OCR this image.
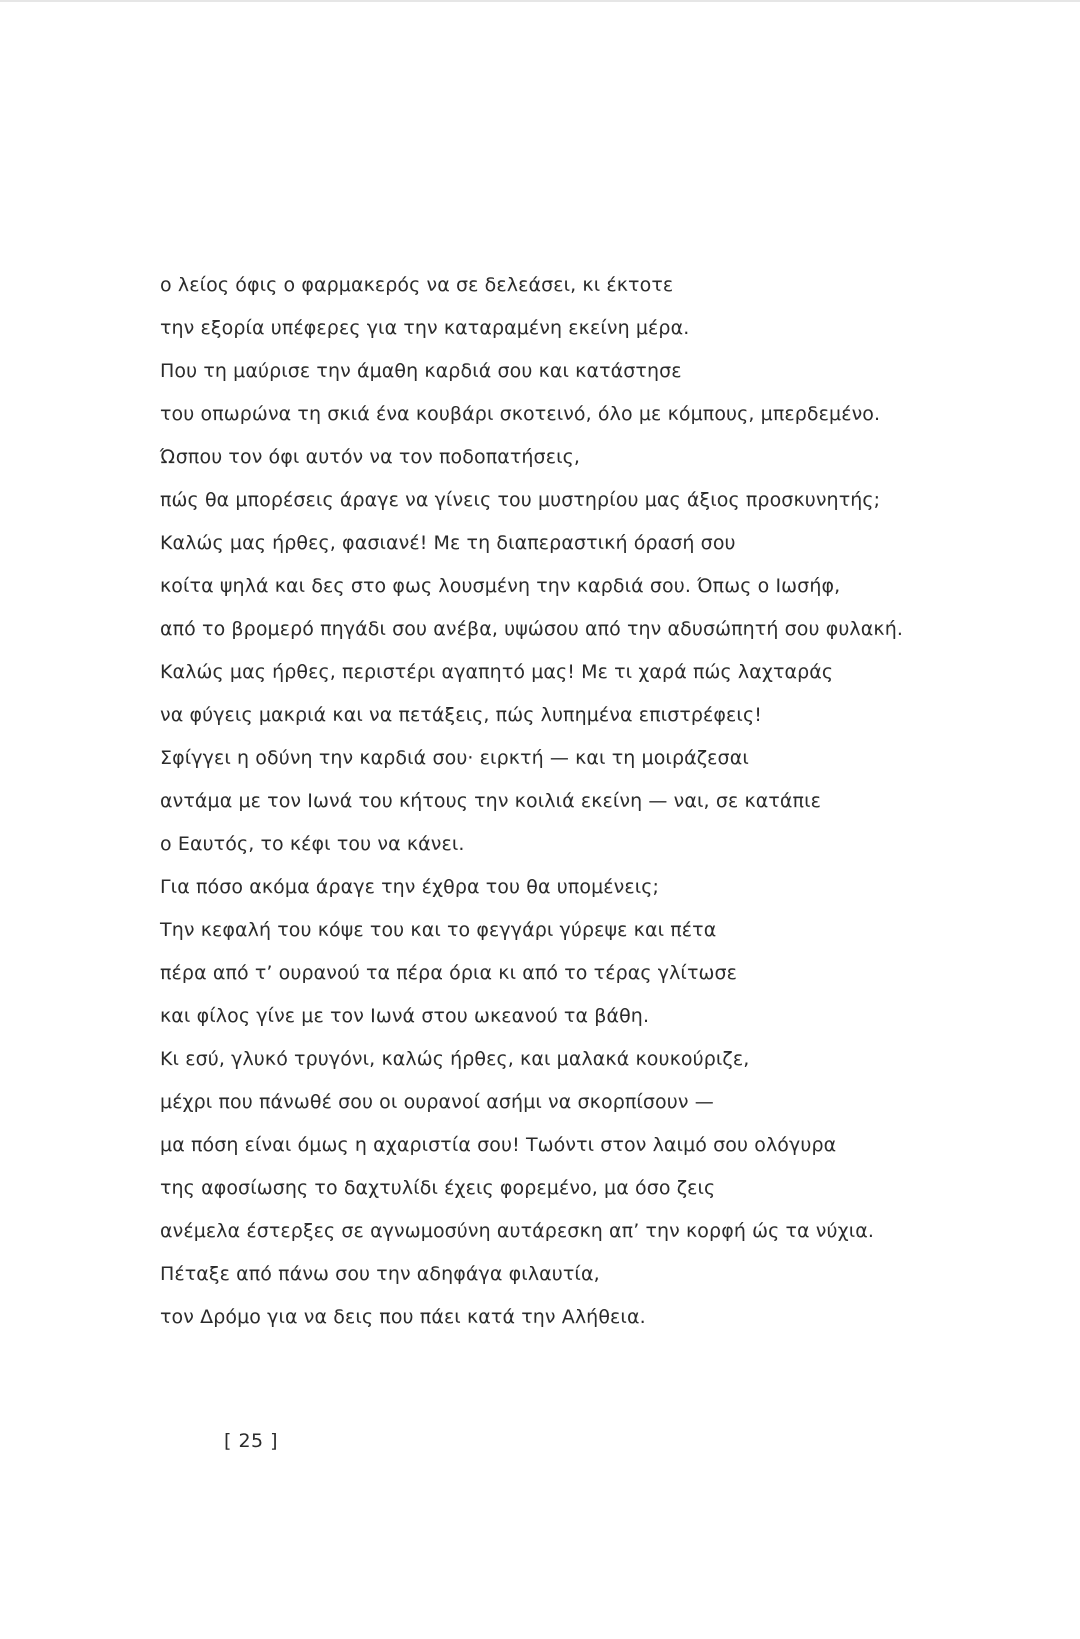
ο λείος όφις ο φαρμακερός να σε δελεάσει, κι έκτοτε
την εξορία υπέφερες για την καταραμένη εκείνη μέρα.
Που τη μαύρισε την άμαθη καρδιά σου και κατάστησε
του οπωρώνα τη σκιά ένα κουβάρι σκοτεινό, όλο με κόμπους, μπερδεμένο.
Ώσπου τον όφι αυτόν να τον ποδοπατήσεις,
πώς θα μπορέσεις άραγε να γίνεις του μυστηρίου μας άξιος προσκυνητής;
Καλώς μας ήρθες, φασιανέ! Με τη διαπεραστική όρασή σου
κοίτα ψηλά και δες στο φως λουσμένη την καρδιά σου. Όπως ο Ιωσήφ,
από το βρομερό πηγάδι σου ανέβα, υψώσου από την αδυσώπητή σου φυλακή.
Καλώς μας ήρθες, περιστέρι αγαπητό μας! Με τι χαρά πώς λαχταράς
να φύγεις μακριά και να πετάξεις, πώς λυπημένα επιστρέφεις!
Σφίγγει η οδύνη την καρδιά σου· ειρκτή — και τη μοιράζεσαι
αντάμα με τον Ιωνά του κήτους την κοιλιά εκείνη — ναι, σε κατάπιε
ο Εαυτός, το κέφι του να κάνει.
Για πόσο ακόμα άραγε την έχθρα του θα υπομένεις;
Την κεφαλή του κόψε του και το φεγγάρι γύρεψε και πέτα
πέρα από τ’ ουρανού τα πέρα όρια κι από το τέρας γλίτωσε
και φίλος γίνε με τον Ιωνά στου ωκεανού τα βάθη.
Κι εσύ, γλυκό τρυγόνι, καλώς ήρθες, και μαλακά κουκούριζε,
μέχρι που πάνωθέ σου οι ουρανοί ασήμι να σκορπίσουν —
μα πόση είναι όμως η αχαριστία σου! Τωόντι στον λαιμό σου ολόγυρα
της αφοσίωσης το δαχτυλίδι έχεις φορεμένο, μα όσο ζεις
ανέμελα έστερξες σε αγνωμοσύνη αυτάρεσκη απ’ την κορφή ώς τα νύχια.
Πέταξε από πάνω σου την αδηφάγα φιλαυτία,
τον Δρόμο για να δεις που πάει κατά την Αλήθεια.
[ 25 ]
